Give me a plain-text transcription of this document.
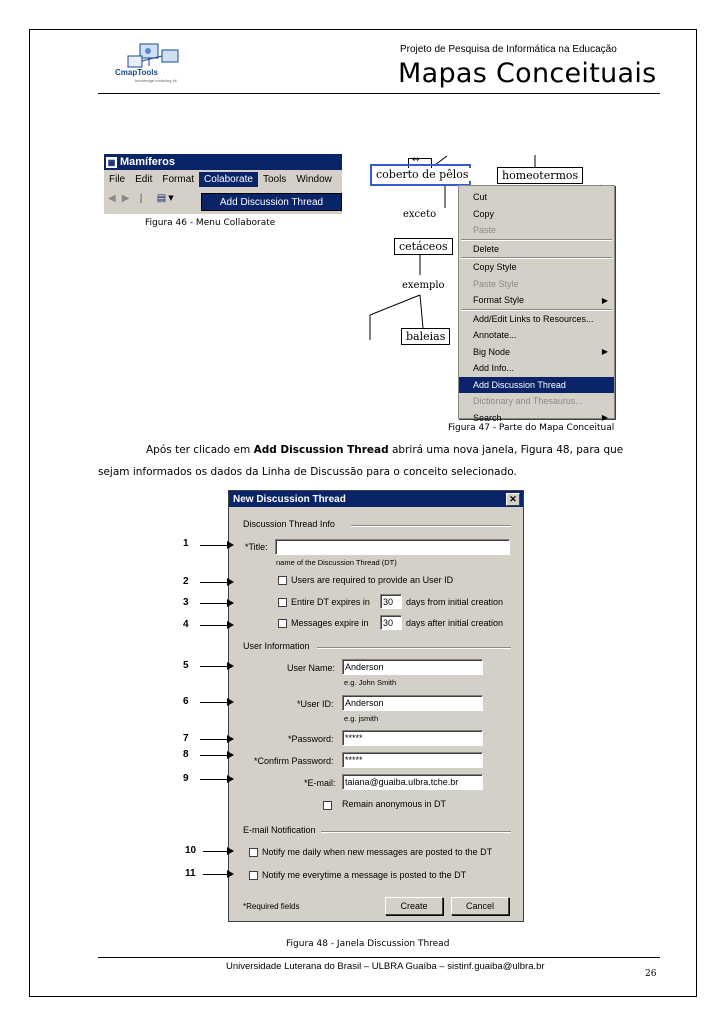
CmapTools
knowledge modeling kit
Projeto de Pesquisa de Informática na Educação
Mapas Conceituais
▦ Mamíferos
File	Edit	Format	Colaborate	Tools	Window
◀ ▶ | ▤ ▼	Add Discussion Thread
Figura 46 - Menu Collaborate
↔
coberto de pêlos	homeotermos
exceto
cetáceos
exemplo
baleias
Cut
Copy
Paste
Delete
Copy Style
Paste Style
Format Style	▶
Add/Edit Links to Resources...
Annotate...
Big Node	▶
Add Info...
Add Discussion Thread
Dictionary and Thesaurus...
Search	▶
Figura 47 - Parte do Mapa Conceitual
Após ter clicado em Add Discussion Thread abrirá uma nova janela, Figura 48, para que
sejam informados os dados da Linha de Discussão para o conceito selecionado.
New Discussion Thread	✕
Discussion Thread Info
*Title:
name of the Discussion Thread (DT)
Users are required to provide an User ID
Entire DT expires in	30	days from initial creation
Messages expire in	30	days after initial creation
User Information
User Name:	Anderson
e.g. John Smith
*User ID:	Anderson
e.g. jsmith
*Password:	*****
*Confirm Password:	*****
*E-mail:	taiana@guaiba.ulbra.tche.br
Remain anonymous in DT
E-mail Notification
Notify me daily when new messages are posted to the DT
Notify me everytime a message is posted to the DT
*Required fields	Create	Cancel
1
2
3
4
5
6
7
8
9
10
11
Figura 48 - Janela Discussion Thread
Universidade Luterana do Brasil – ULBRA Guaíba – sistinf.guaiba@ulbra.br
26
